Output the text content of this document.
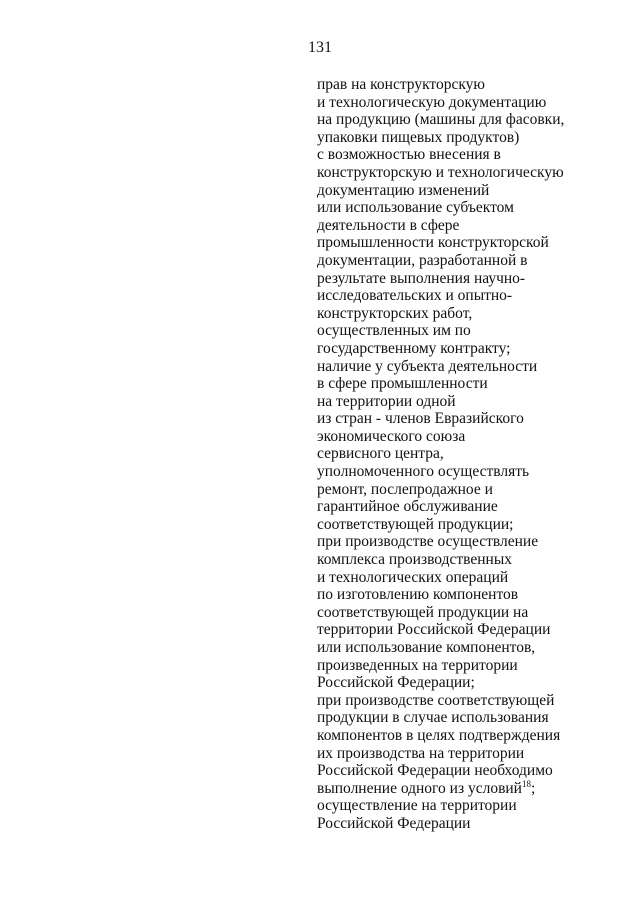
131
прав на конструкторскую
и технологическую документацию
на продукцию (машины для фасовки,
упаковки пищевых продуктов)
с возможностью внесения в
конструкторскую и технологическую
документацию изменений
или использование субъектом
деятельности в сфере
промышленности конструкторской
документации, разработанной в
результате выполнения научно-
исследовательских и опытно-
конструкторских работ,
осуществленных им по
государственному контракту;
наличие у субъекта деятельности
в сфере промышленности
на территории одной
из стран - членов Евразийского
экономического союза
сервисного центра,
уполномоченного осуществлять
ремонт, послепродажное и
гарантийное обслуживание
соответствующей продукции;
при производстве осуществление
комплекса производственных
и технологических операций
по изготовлению компонентов
соответствующей продукции на
территории Российской Федерации
или использование компонентов,
произведенных на территории
Российской Федерации;
при производстве соответствующей
продукции в случае использования
компонентов в целях подтверждения
их производства на территории
Российской Федерации необходимо
выполнение одного из условий$^{18}$;
осуществление на территории
Российской Федерации
